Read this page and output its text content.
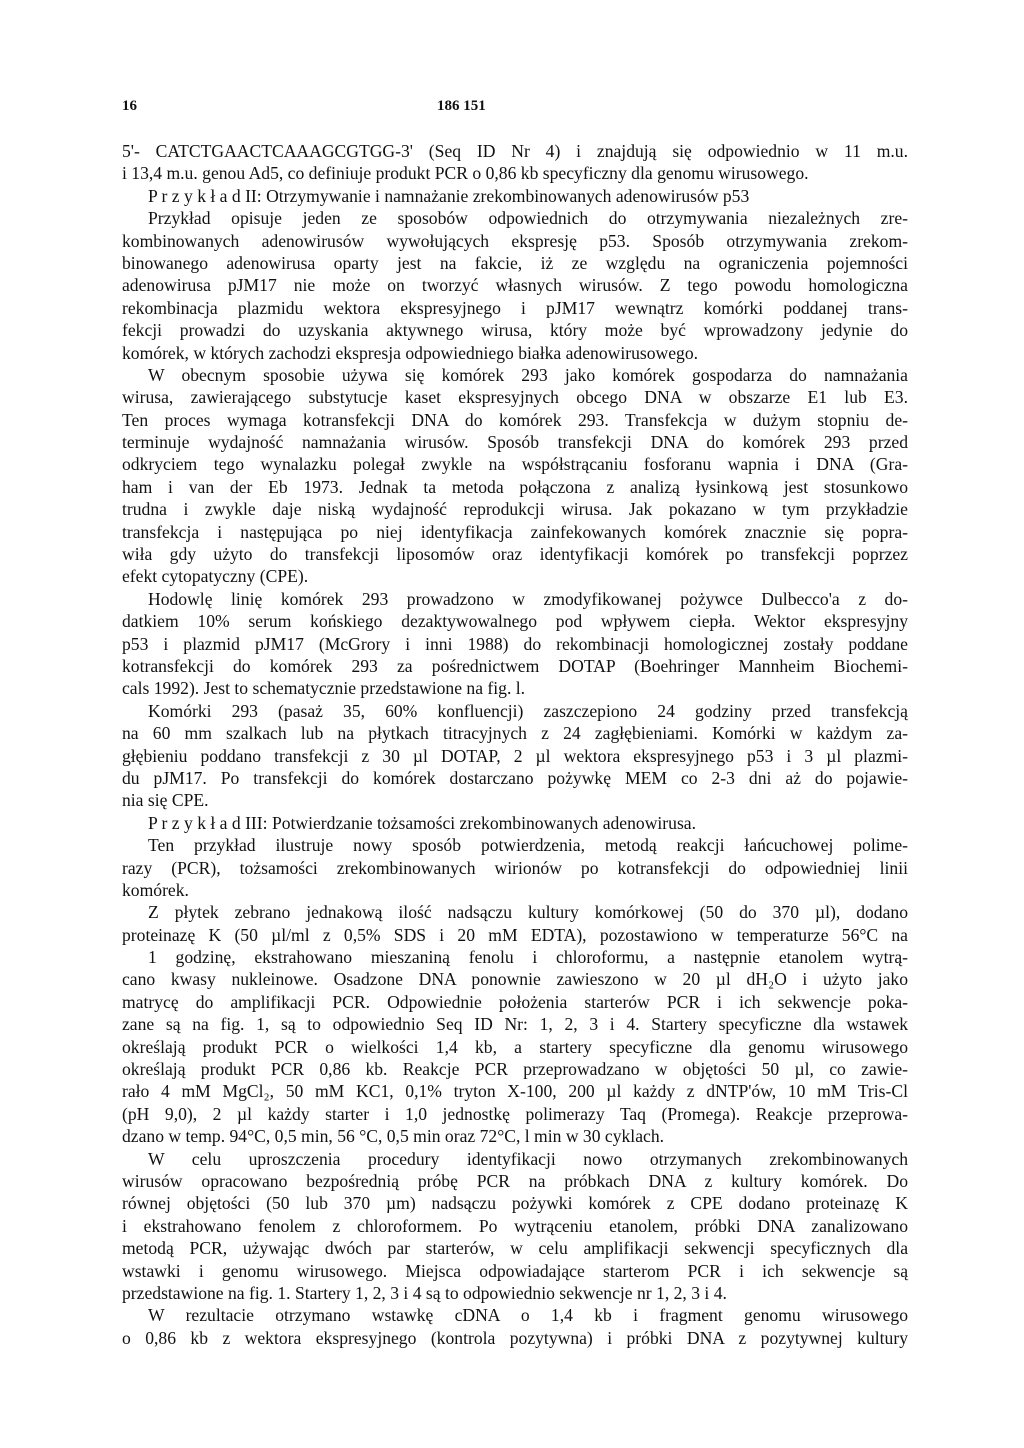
16	186 151
5'- CATCTGAACTCAAAGCGTGG-3' (Seq ID Nr 4) i znajdują się odpowiednio w 11 m.u.
i 13,4 m.u. genou Ad5, co definiuje produkt PCR o 0,86 kb specyficzny dla genomu wirusowego.
P r z y k ł a d II: Otrzymywanie i namnażanie zrekombinowanych adenowirusów p53
Przykład opisuje jeden ze sposobów odpowiednich do otrzymywania niezależnych zre-
kombinowanych adenowirusów wywołujących ekspresję p53. Sposób otrzymywania zrekom-
binowanego adenowirusa oparty jest na fakcie, iż ze względu na ograniczenia pojemności
adenowirusa pJM17 nie może on tworzyć własnych wirusów. Z tego powodu homologiczna
rekombinacja plazmidu wektora ekspresyjnego i pJM17 wewnątrz komórki poddanej trans-
fekcji prowadzi do uzyskania aktywnego wirusa, który może być wprowadzony jedynie do
komórek, w których zachodzi ekspresja odpowiedniego białka adenowirusowego.
W obecnym sposobie używa się komórek 293 jako komórek gospodarza do namnażania
wirusa, zawierającego substytucje kaset ekspresyjnych obcego DNA w obszarze E1 lub E3.
Ten proces wymaga kotransfekcji DNA do komórek 293. Transfekcja w dużym stopniu de-
terminuje wydajność namnażania wirusów. Sposób transfekcji DNA do komórek 293 przed
odkryciem tego wynalazku polegał zwykle na współstrącaniu fosforanu wapnia i DNA (Gra-
ham i van der Eb 1973. Jednak ta metoda połączona z analizą łysinkową jest stosunkowo
trudna i zwykle daje niską wydajność reprodukcji wirusa. Jak pokazano w tym przykładzie
transfekcja i następująca po niej identyfikacja zainfekowanych komórek znacznie się popra-
wiła gdy użyto do transfekcji liposomów oraz identyfikacji komórek po transfekcji poprzez
efekt cytopatyczny (CPE).
Hodowlę linię komórek 293 prowadzono w zmodyfikowanej pożywce Dulbecco'a z do-
datkiem 10% serum końskiego dezaktywowalnego pod wpływem ciepła. Wektor ekspresyjny
p53 i plazmid pJM17 (McGrory i inni 1988) do rekombinacji homologicznej zostały poddane
kotransfekcji do komórek 293 za pośrednictwem DOTAP (Boehringer Mannheim Biochemi-
cals 1992). Jest to schematycznie przedstawione na fig. l.
Komórki 293 (pasaż 35, 60% konfluencji) zaszczepiono 24 godziny przed transfekcją
na 60 mm szalkach lub na płytkach titracyjnych z 24 zagłębieniami. Komórki w każdym za-
głębieniu poddano transfekcji z 30 µl DOTAP, 2 µl wektora ekspresyjnego p53 i 3 µl plazmi-
du pJM17. Po transfekcji do komórek dostarczano pożywkę MEM co 2-3 dni aż do pojawie-
nia się CPE.
P r z y k ł a d III: Potwierdzanie tożsamości zrekombinowanych adenowirusa.
Ten przykład ilustruje nowy sposób potwierdzenia, metodą reakcji łańcuchowej polime-
razy (PCR), tożsamości zrekombinowanych wirionów po kotransfekcji do odpowiedniej linii
komórek.
Z płytek zebrano jednakową ilość nadsączu kultury komórkowej (50 do 370 µl), dodano
proteinazę K (50 µl/ml z 0,5% SDS i 20 mM EDTA), pozostawiono w temperaturze 56°C na
1 godzinę, ekstrahowano mieszaniną fenolu i chloroformu, a następnie etanolem wytrą-
cano kwasy nukleinowe. Osadzone DNA ponownie zawieszono w 20 µl dH₂O i użyto jako
matrycę do amplifikacji PCR. Odpowiednie położenia starterów PCR i ich sekwencje poka-
zane są na fig. 1, są to odpowiednio Seq ID Nr: 1, 2, 3 i 4. Startery specyficzne dla wstawek
określają produkt PCR o wielkości 1,4 kb, a startery specyficzne dla genomu wirusowego
określają produkt PCR 0,86 kb. Reakcje PCR przeprowadzano w objętości 50 µl, co zawie-
rało 4 mM MgCl₂, 50 mM KC1, 0,1% tryton X-100, 200 µl każdy z dNTP'ów, 10 mM Tris-Cl
(pH 9,0), 2 µl każdy starter i 1,0 jednostkę polimerazy Taq (Promega). Reakcje przeprowa-
dzano w temp. 94°C, 0,5 min, 56 °C, 0,5 min oraz 72°C, l min w 30 cyklach.
W celu uproszczenia procedury identyfikacji nowo otrzymanych zrekombinowanych
wirusów opracowano bezpośrednią próbę PCR na próbkach DNA z kultury komórek. Do
równej objętości (50 lub 370 µm) nadsączu pożywki komórek z CPE dodano proteinazę K
i ekstrahowano fenolem z chloroformem. Po wytrąceniu etanolem, próbki DNA zanalizowano
metodą PCR, używając dwóch par starterów, w celu amplifikacji sekwencji specyficznych dla
wstawki i genomu wirusowego. Miejsca odpowiadające starterom PCR i ich sekwencje są
przedstawione na fig. 1. Startery 1, 2, 3 i 4 są to odpowiednio sekwencje nr 1, 2, 3 i 4.
W rezultacie otrzymano wstawkę cDNA o 1,4 kb i fragment genomu wirusowego
o 0,86 kb z wektora ekspresyjnego (kontrola pozytywna) i próbki DNA z pozytywnej kultury
